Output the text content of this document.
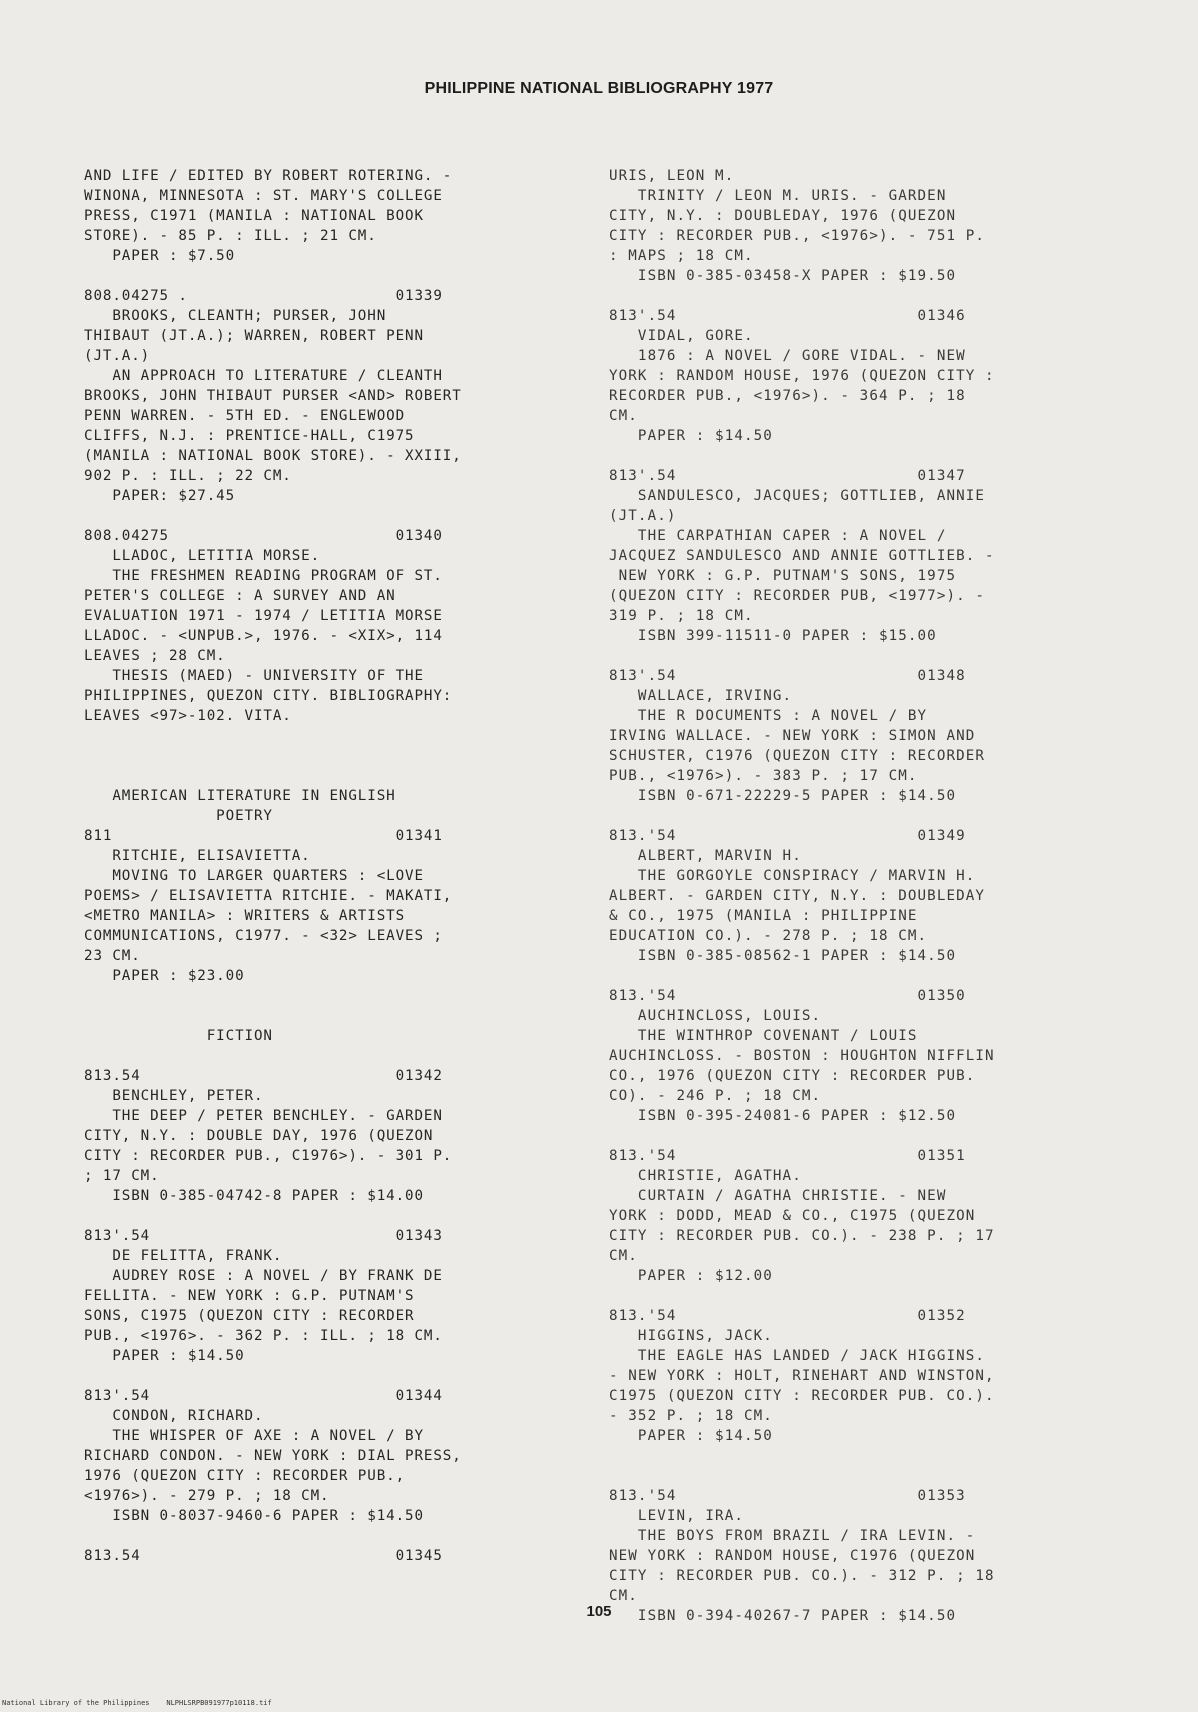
PHILIPPINE NATIONAL BIBLIOGRAPHY 1977
AND LIFE / EDITED BY ROBERT ROTERING. -
WINONA, MINNESOTA : ST. MARY'S COLLEGE
PRESS, C1971 (MANILA : NATIONAL BOOK
STORE). - 85 P. : ILL. ; 21 CM.
PAPER : $7.50
808.04275 .                      01339
BROOKS, CLEANTH; PURSER, JOHN
THIBAUT (JT.A.); WARREN, ROBERT PENN
(JT.A.)
AN APPROACH TO LITERATURE / CLEANTH
BROOKS, JOHN THIBAUT PURSER <AND> ROBERT
PENN WARREN. - 5TH ED. - ENGLEWOOD
CLIFFS, N.J. : PRENTICE-HALL, C1975
(MANILA : NATIONAL BOOK STORE). - XXIII,
902 P. : ILL. ; 22 CM.
PAPER: $27.45
808.04275                        01340
LLADOC, LETITIA MORSE.
THE FRESHMEN READING PROGRAM OF ST.
PETER'S COLLEGE : A SURVEY AND AN
EVALUATION 1971 - 1974 / LETITIA MORSE
LLADOC. - <UNPUB.>, 1976. - <XIX>, 114
LEAVES ; 28 CM.
THESIS (MAED) - UNIVERSITY OF THE
PHILIPPINES, QUEZON CITY. BIBLIOGRAPHY:
LEAVES <97>-102. VITA.
AMERICAN LITERATURE IN ENGLISH
POETRY
811                              01341
RITCHIE, ELISAVIETTA.
MOVING TO LARGER QUARTERS : <LOVE
POEMS> / ELISAVIETTA RITCHIE. - MAKATI,
<METRO MANILA> : WRITERS & ARTISTS
COMMUNICATIONS, C1977. - <32> LEAVES ;
23 CM.
PAPER : $23.00
FICTION
813.54                           01342
BENCHLEY, PETER.
THE DEEP / PETER BENCHLEY. - GARDEN
CITY, N.Y. : DOUBLE DAY, 1976 (QUEZON
CITY : RECORDER PUB., C1976>). - 301 P.
; 17 CM.
ISBN 0-385-04742-8 PAPER : $14.00
813'.54                          01343
DE FELITTA, FRANK.
AUDREY ROSE : A NOVEL / BY FRANK DE
FELLITA. - NEW YORK : G.P. PUTNAM'S
SONS, C1975 (QUEZON CITY : RECORDER
PUB., <1976>. - 362 P. : ILL. ; 18 CM.
PAPER : $14.50
813'.54                          01344
CONDON, RICHARD.
THE WHISPER OF AXE : A NOVEL / BY
RICHARD CONDON. - NEW YORK : DIAL PRESS,
1976 (QUEZON CITY : RECORDER PUB.,
<1976>). - 279 P. ; 18 CM.
ISBN 0-8037-9460-6 PAPER : $14.50
813.54                           01345
URIS, LEON M.
TRINITY / LEON M. URIS. - GARDEN
CITY, N.Y. : DOUBLEDAY, 1976 (QUEZON
CITY : RECORDER PUB., <1976>). - 751 P.
: MAPS ; 18 CM.
ISBN 0-385-03458-X PAPER : $19.50
813'.54                         01346
VIDAL, GORE.
1876 : A NOVEL / GORE VIDAL. - NEW
YORK : RANDOM HOUSE, 1976 (QUEZON CITY :
RECORDER PUB., <1976>). - 364 P. ; 18
CM.
PAPER : $14.50
813'.54                         01347
SANDULESCO, JACQUES; GOTTLIEB, ANNIE
(JT.A.)
THE CARPATHIAN CAPER : A NOVEL /
JACQUEZ SANDULESCO AND ANNIE GOTTLIEB. -
NEW YORK : G.P. PUTNAM'S SONS, 1975
(QUEZON CITY : RECORDER PUB, <1977>). -
319 P. ; 18 CM.
ISBN 399-11511-0 PAPER : $15.00
813'.54                         01348
WALLACE, IRVING.
THE R DOCUMENTS : A NOVEL / BY
IRVING WALLACE. - NEW YORK : SIMON AND
SCHUSTER, C1976 (QUEZON CITY : RECORDER
PUB., <1976>). - 383 P. ; 17 CM.
ISBN 0-671-22229-5 PAPER : $14.50
813.'54                         01349
ALBERT, MARVIN H.
THE GORGOYLE CONSPIRACY / MARVIN H.
ALBERT. - GARDEN CITY, N.Y. : DOUBLEDAY
& CO., 1975 (MANILA : PHILIPPINE
EDUCATION CO.). - 278 P. ; 18 CM.
ISBN 0-385-08562-1 PAPER : $14.50
813.'54                         01350
AUCHINCLOSS, LOUIS.
THE WINTHROP COVENANT / LOUIS
AUCHINCLOSS. - BOSTON : HOUGHTON NIFFLIN
CO., 1976 (QUEZON CITY : RECORDER PUB.
CO). - 246 P. ; 18 CM.
ISBN 0-395-24081-6 PAPER : $12.50
813.'54                         01351
CHRISTIE, AGATHA.
CURTAIN / AGATHA CHRISTIE. - NEW
YORK : DODD, MEAD & CO., C1975 (QUEZON
CITY : RECORDER PUB. CO.). - 238 P. ; 17
CM.
PAPER : $12.00
813.'54                         01352
HIGGINS, JACK.
THE EAGLE HAS LANDED / JACK HIGGINS.
- NEW YORK : HOLT, RINEHART AND WINSTON,
C1975 (QUEZON CITY : RECORDER PUB. CO.).
- 352 P. ; 18 CM.
PAPER : $14.50
813.'54                         01353
LEVIN, IRA.
THE BOYS FROM BRAZIL / IRA LEVIN. -
NEW YORK : RANDOM HOUSE, C1976 (QUEZON
CITY : RECORDER PUB. CO.). - 312 P. ; 18
CM.
ISBN 0-394-40267-7 PAPER : $14.50
105
National Library of the Philippines    NLPHLSRPB091977p10118.tif
